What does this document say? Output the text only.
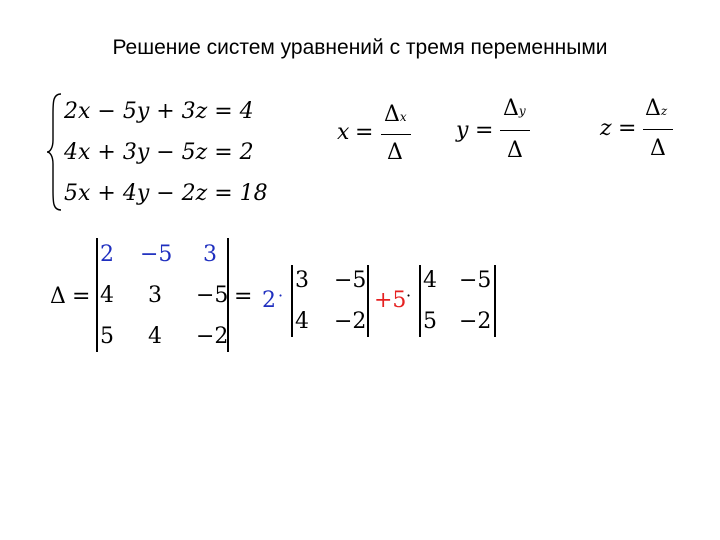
Решение систем уравнений с тремя переменными
2x − 5y + 3z = 4
4x + 3y − 5z = 2
5x + 4y − 2z = 18
x =
Δx
Δ
y =
Δy
Δ
z =
Δz
Δ
Δ =
2 −5 3
4 3 −5
5 4 −2
= 2 ·
3 −5
4 −2
+5 ·
4 −5
5 −2
